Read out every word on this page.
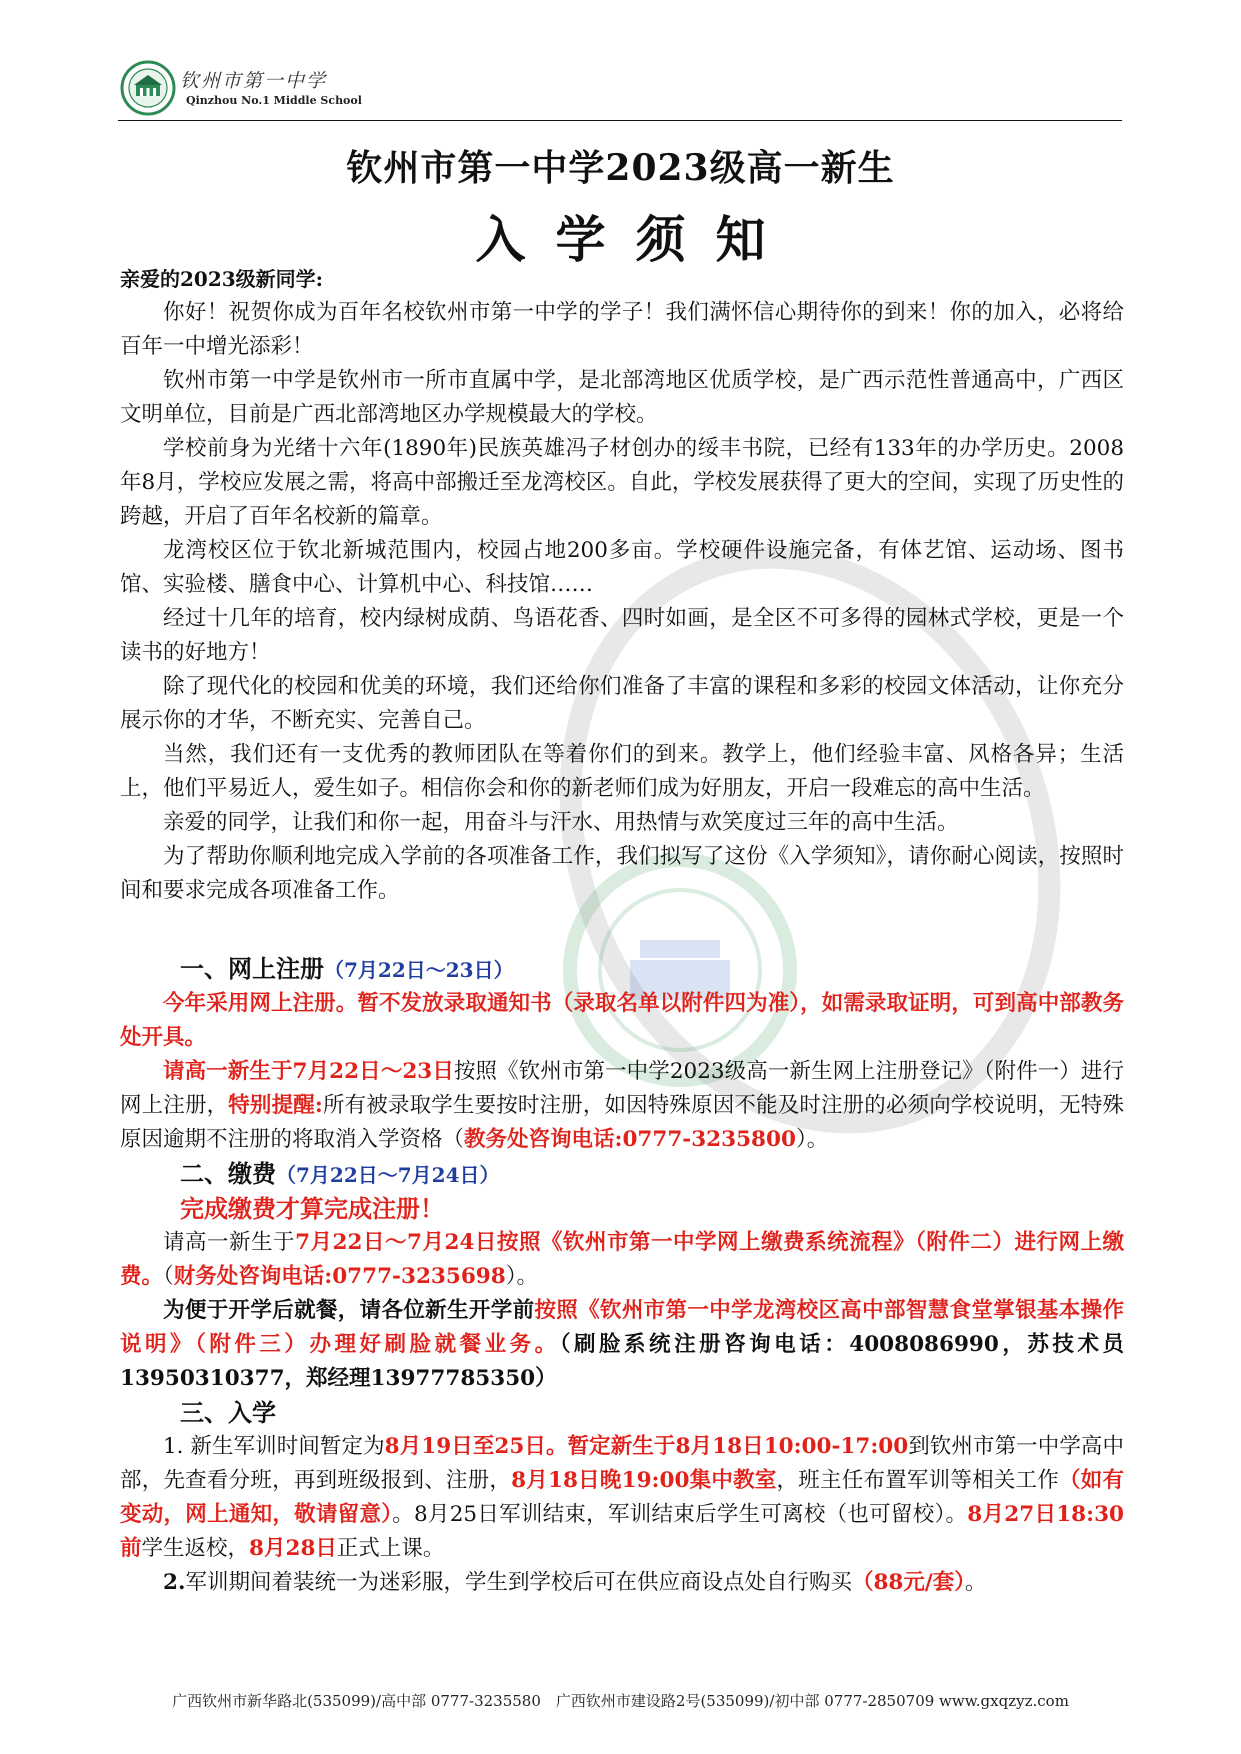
钦州市第一中学
Qinzhou No.1 Middle School
钦州市第一中学2023级高一新生
入学须知

亲爱的2023级新同学:

你好！祝贺你成为百年名校钦州市第一中学的学子！我们满怀信心期待你的到来！你的加入，必将给百年一中增光添彩！

钦州市第一中学是钦州市一所市直属中学，是北部湾地区优质学校，是广西示范性普通高中，广西区文明单位，目前是广西北部湾地区办学规模最大的学校。

学校前身为光绪十六年(1890年)民族英雄冯子材创办的绥丰书院，已经有133年的办学历史。2008年8月，学校应发展之需，将高中部搬迁至龙湾校区。自此，学校发展获得了更大的空间，实现了历史性的跨越，开启了百年名校新的篇章。

龙湾校区位于钦北新城范围内，校园占地200多亩。学校硬件设施完备，有体艺馆、运动场、图书馆、实验楼、膳食中心、计算机中心、科技馆……

经过十几年的培育，校内绿树成荫、鸟语花香、四时如画，是全区不可多得的园林式学校，更是一个读书的好地方！

除了现代化的校园和优美的环境，我们还给你们准备了丰富的课程和多彩的校园文体活动，让你充分展示你的才华，不断充实、完善自己。

当然，我们还有一支优秀的教师团队在等着你们的到来。教学上，他们经验丰富、风格各异；生活上，他们平易近人，爱生如子。相信你会和你的新老师们成为好朋友，开启一段难忘的高中生活。

亲爱的同学，让我们和你一起，用奋斗与汗水、用热情与欢笑度过三年的高中生活。

为了帮助你顺利地完成入学前的各项准备工作，我们拟写了这份《入学须知》，请你耐心阅读，按照时间和要求完成各项准备工作。

一、网上注册（7月22日～23日）

今年采用网上注册。暂不发放录取通知书（录取名单以附件四为准），如需录取证明，可到高中部教务处开具。

请高一新生于7月22日～23日按照《钦州市第一中学2023级高一新生网上注册登记》（附件一）进行网上注册，特别提醒:所有被录取学生要按时注册，如因特殊原因不能及时注册的必须向学校说明，无特殊原因逾期不注册的将取消入学资格（教务处咨询电话:0777-3235800）。

二、缴费（7月22日～7月24日）

完成缴费才算完成注册！

请高一新生于7月22日～7月24日按照《钦州市第一中学网上缴费系统流程》（附件二）进行网上缴费。（财务处咨询电话:0777-3235698）。

为便于开学后就餐，请各位新生开学前按照《钦州市第一中学龙湾校区高中部智慧食堂掌银基本操作说明》（附件三）办理好刷脸就餐业务。（刷脸系统注册咨询电话：4008086990，苏技术员13950310377，郑经理13977785350）

三、入学

1. 新生军训时间暂定为8月19日至25日。暂定新生于8月18日10:00-17:00到钦州市第一中学高中部，先查看分班，再到班级报到、注册，8月18日晚19:00集中教室，班主任布置军训等相关工作（如有变动，网上通知，敬请留意）。8月25日军训结束，军训结束后学生可离校（也可留校）。8月27日18:30前学生返校，8月28日正式上课。

2.军训期间着装统一为迷彩服，学生到学校后可在供应商设点处自行购买（88元/套）。

广西钦州市新华路北(535099)/高中部 0777-3235580　广西钦州市建设路2号(535099)/初中部 0777-2850709 www.gxqzyz.com
